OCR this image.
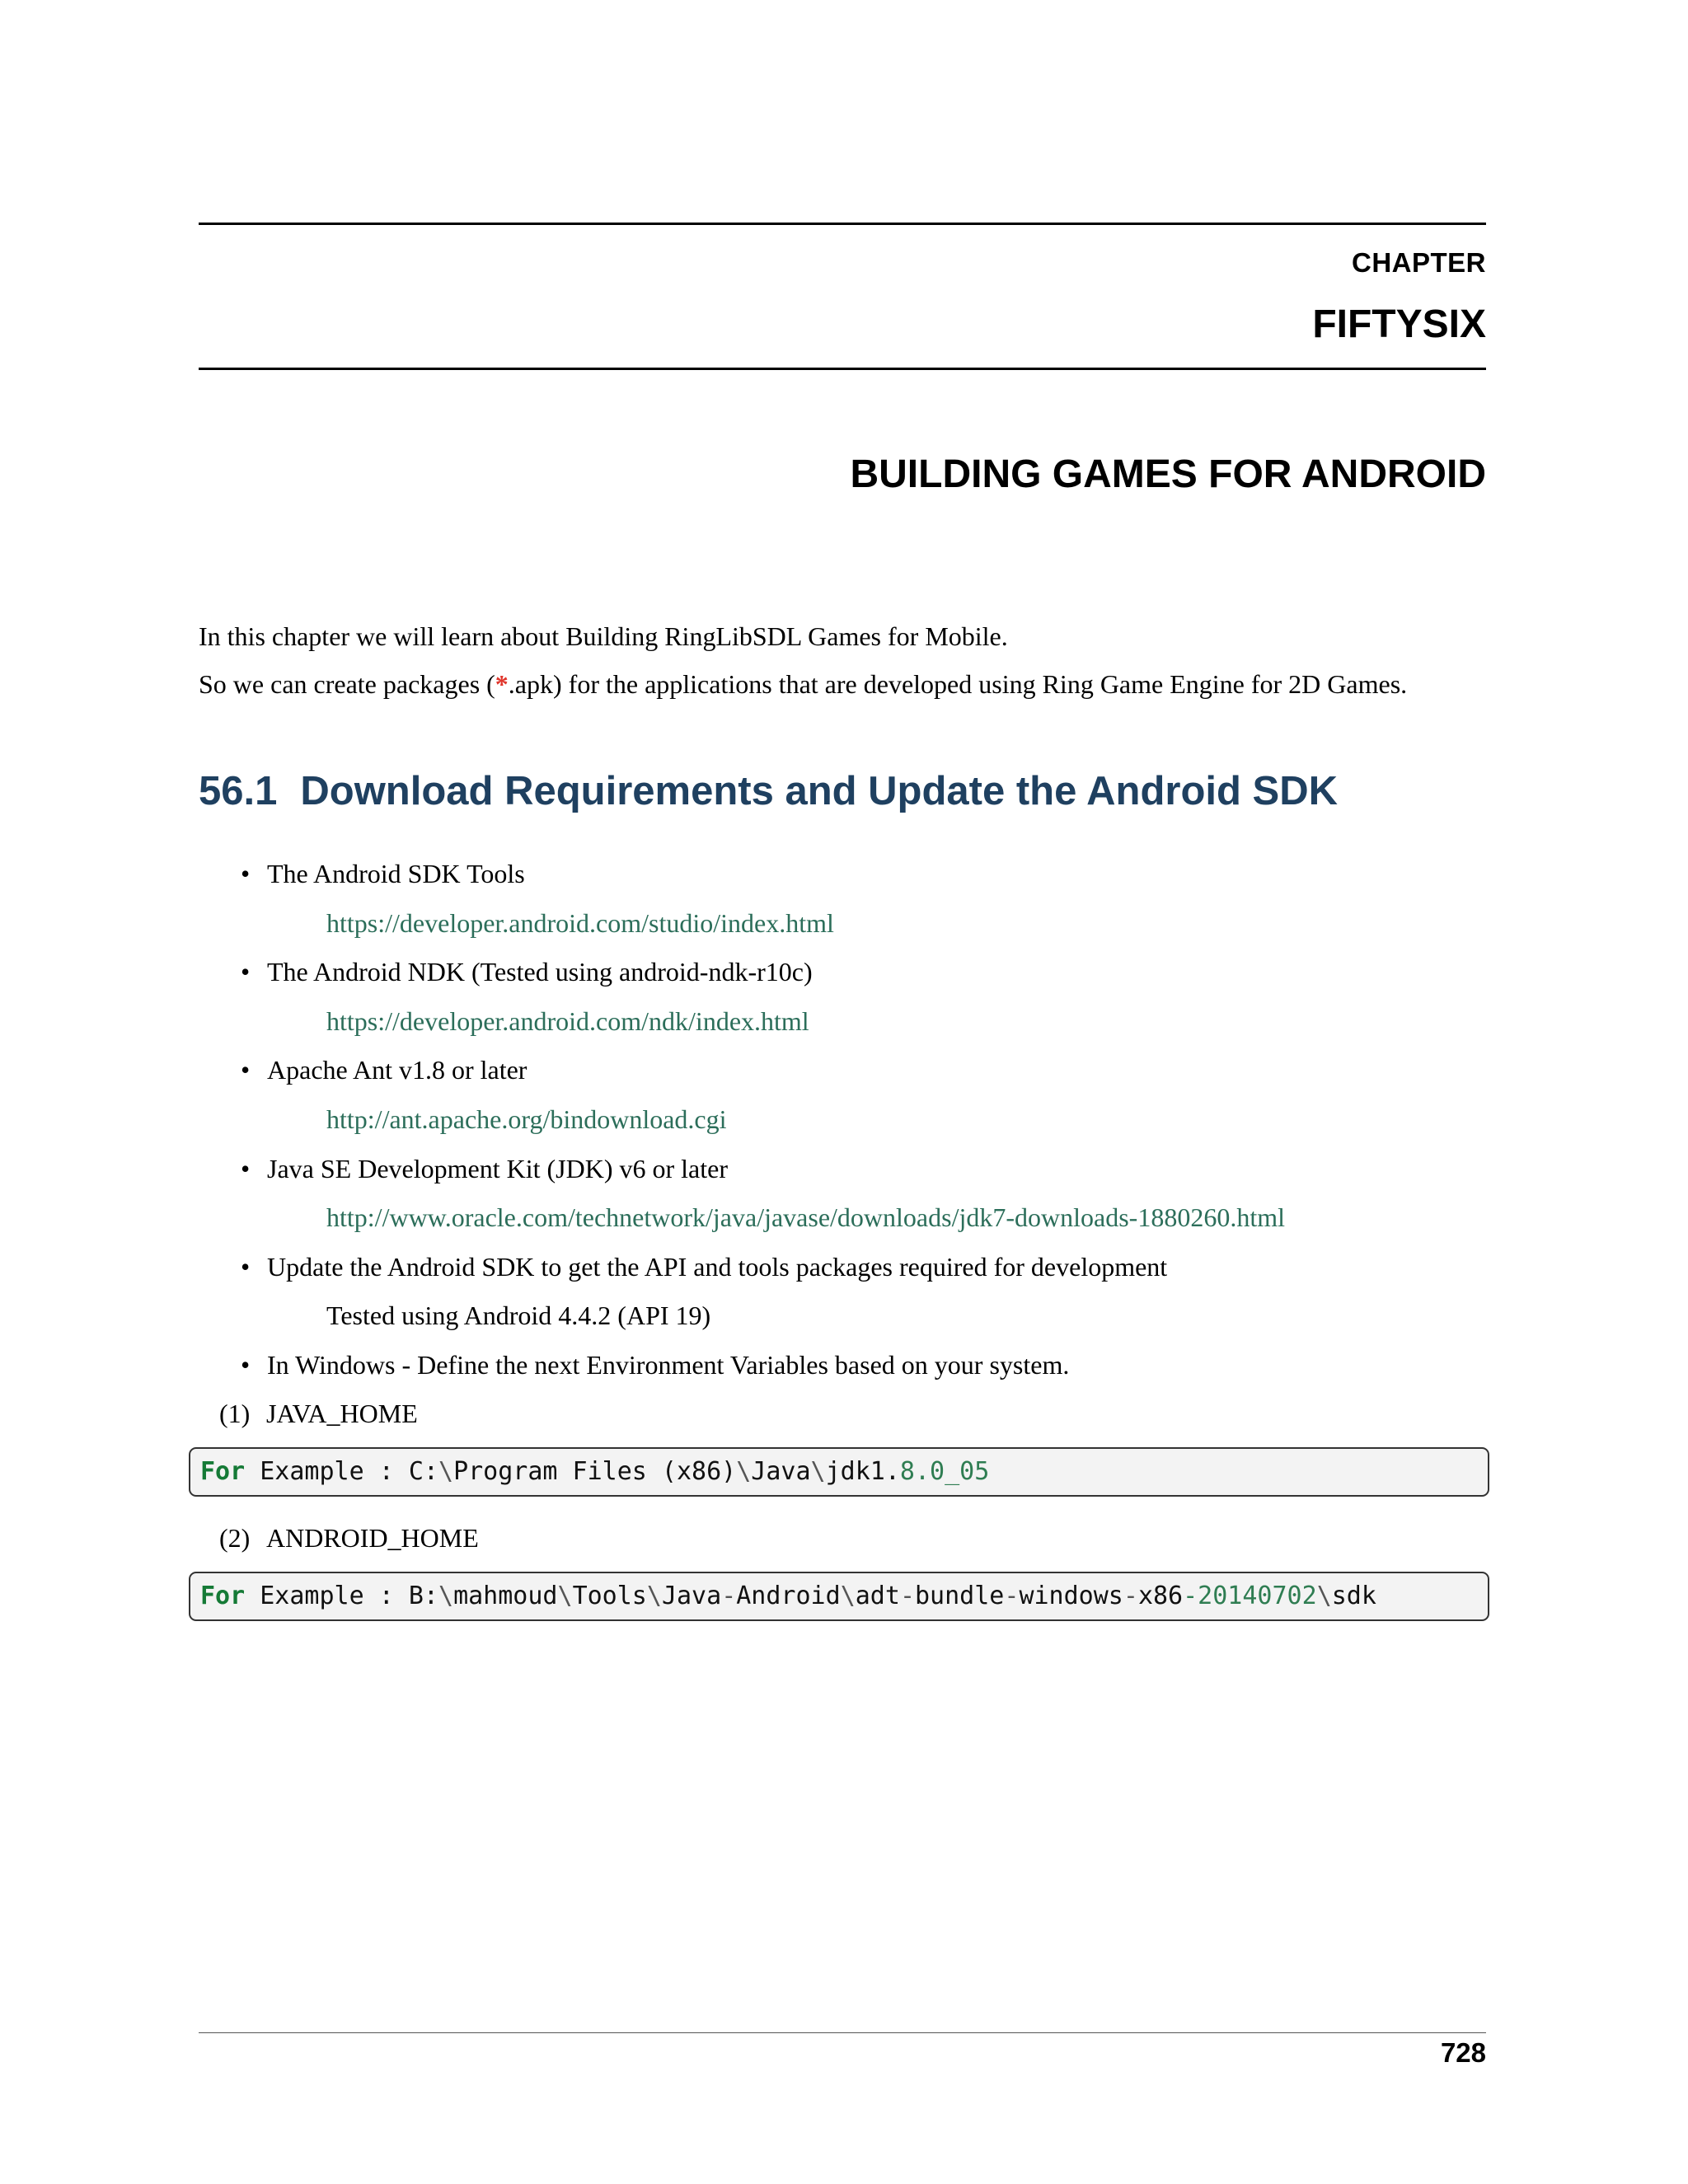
CHAPTER
FIFTYSIX
BUILDING GAMES FOR ANDROID
In this chapter we will learn about Building RingLibSDL Games for Mobile.
So we can create packages (*.apk) for the applications that are developed using Ring Game Engine for 2D Games.
56.1 Download Requirements and Update the Android SDK
• The Android SDK Tools
https://developer.android.com/studio/index.html
• The Android NDK (Tested using android-ndk-r10c)
https://developer.android.com/ndk/index.html
• Apache Ant v1.8 or later
http://ant.apache.org/bindownload.cgi
• Java SE Development Kit (JDK) v6 or later
http://www.oracle.com/technetwork/java/javase/downloads/jdk7-downloads-1880260.html
• Update the Android SDK to get the API and tools packages required for development
Tested using Android 4.4.2 (API 19)
• In Windows - Define the next Environment Variables based on your system.
(1) JAVA_HOME
For Example : C:\Program Files (x86)\Java\jdk1.8.0_05
(2) ANDROID_HOME
For Example : B:\mahmoud\Tools\Java-Android\adt-bundle-windows-x86-20140702\sdk
728
